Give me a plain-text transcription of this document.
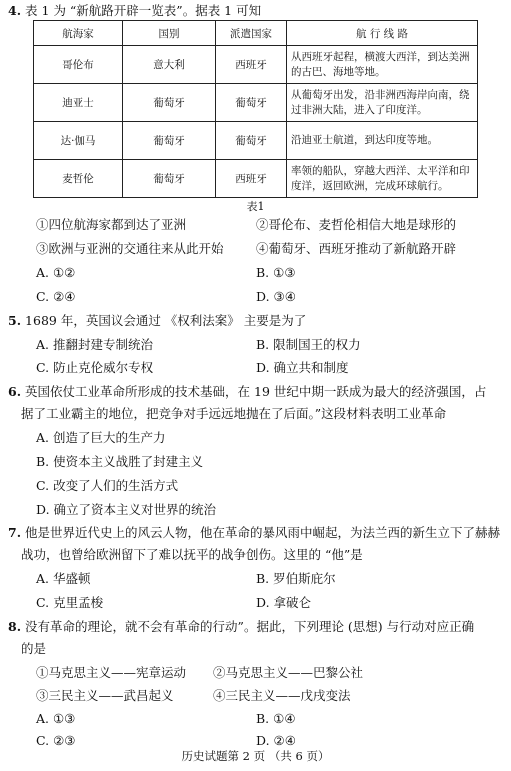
4. 表 1 为 “新航路开辟一览表”。据表 1 可知
航海家	国别	派遣国家	航 行 线 路
哥伦布	意大利	西班牙	从西班牙起程，横渡大西洋，到达美洲的古巴、海地等地。
迪亚士	葡萄牙	葡萄牙	从葡萄牙出发，沿非洲西海岸向南，绕过非洲大陆，进入了印度洋。
达·伽马	葡萄牙	葡萄牙	沿迪亚士航道，到达印度等地。
麦哲伦	葡萄牙	西班牙	率领的船队，穿越大西洋、太平洋和印度洋，返回欧洲，完成环球航行。
表1
①四位航海家都到达了亚洲	②哥伦布、麦哲伦相信大地是球形的
③欧洲与亚洲的交通往来从此开始	④葡萄牙、西班牙推动了新航路开辟
A. ①②	B. ①③
C. ②④	D. ③④
5. 1689 年，英国议会通过 《权利法案》 主要是为了
A. 推翻封建专制统治	B. 限制国王的权力
C. 防止克伦威尔专权	D. 确立共和制度
6. 英国依仗工业革命所形成的技术基础，在 19 世纪中期一跃成为最大的经济强国，占
据了工业霸主的地位，把竞争对手远远地抛在了后面。”这段材料表明工业革命
A. 创造了巨大的生产力
B. 使资本主义战胜了封建主义
C. 改变了人们的生活方式
D. 确立了资本主义对世界的统治
7. 他是世界近代史上的风云人物，他在革命的暴风雨中崛起，为法兰西的新生立下了赫赫
战功，也曾给欧洲留下了难以抚平的战争创伤。这里的 “他”是
A. 华盛顿	B. 罗伯斯庇尔
C. 克里孟梭	D. 拿破仑
8. 没有革命的理论，就不会有革命的行动”。据此，下列理论 (思想) 与行动对应正确
的是
①马克思主义——宪章运动 ②马克思主义——巴黎公社
③三民主义——武昌起义	④三民主义——戊戌变法
A. ①③	B. ①④
C. ②③	D. ②④
历史试题第 2 页 （共 6 页）
